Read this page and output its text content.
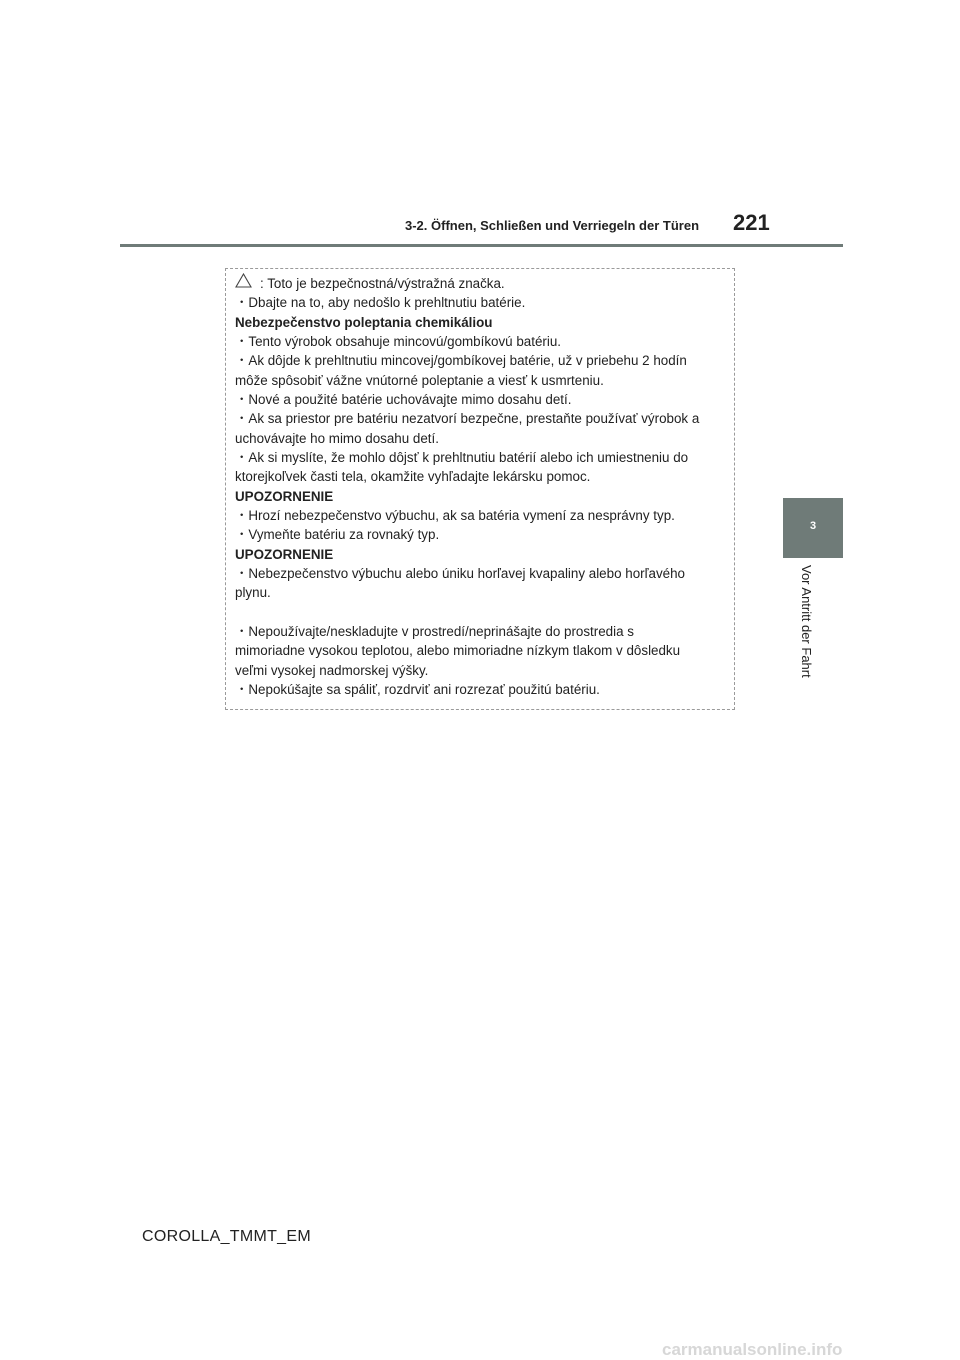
3-2. Öffnen, Schließen und Verriegeln der Türen 221
3
Vor Antritt der Fahrt
: Toto je bezpečnostná/výstražná značka.
・Dbajte na to, aby nedošlo k prehltnutiu batérie.
Nebezpečenstvo poleptania chemikáliou
・Tento výrobok obsahuje mincovú/gombíkovú batériu.
・Ak dôjde k prehltnutiu mincovej/gombíkovej batérie, už v priebehu 2 hodín
môže spôsobiť vážne vnútorné poleptanie a viesť k usmrteniu.
・Nové a použité batérie uchovávajte mimo dosahu detí.
・Ak sa priestor pre batériu nezatvorí bezpečne, prestaňte používať výrobok a
uchovávajte ho mimo dosahu detí.
・Ak si myslíte, že mohlo dôjsť k prehltnutiu batérií alebo ich umiestneniu do
ktorejkoľvek časti tela, okamžite vyhľadajte lekársku pomoc.
UPOZORNENIE
・Hrozí nebezpečenstvo výbuchu, ak sa batéria vymení za nesprávny typ.
・Vymeňte batériu za rovnaký typ.
UPOZORNENIE
・Nebezpečenstvo výbuchu alebo úniku horľavej kvapaliny alebo horľavého
plynu.
・Nepoužívajte/neskladujte v prostredí/neprinášajte do prostredia s
mimoriadne vysokou teplotou, alebo mimoriadne nízkym tlakom v dôsledku
veľmi vysokej nadmorskej výšky.
・Nepokúšajte sa spáliť, rozdrviť ani rozrezať použitú batériu.
COROLLA_TMMT_EM
carmanualsonline.info
